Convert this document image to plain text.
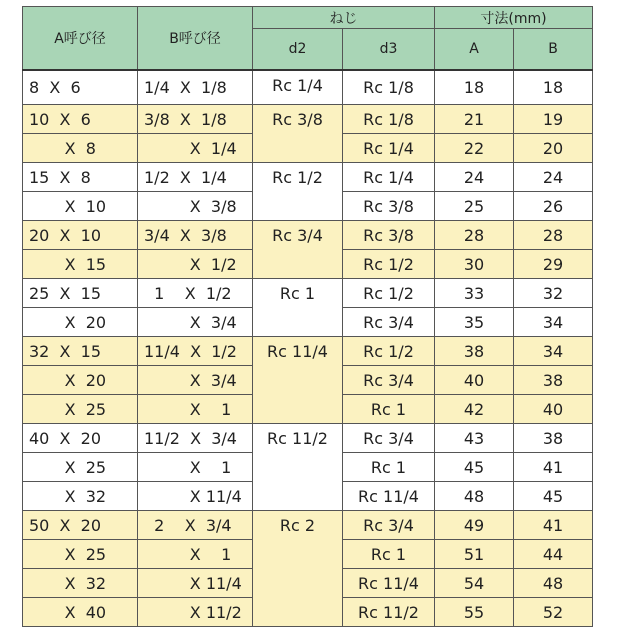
A呼び径	B呼び径	ねじ		寸法(mm)	
		d2	d3	A	B
8  X  6	1/4  X  1/8	Rc 1/4	Rc 1/8	18	18
10  X  6	3/8  X  1/8	Rc 3/8	Rc 1/8	21	19
X  8	X  1/4		Rc 1/4	22	20
15  X  8	1/2  X  1/4	Rc 1/2	Rc 1/4	24	24
X  10	X  3/8		Rc 3/8	25	26
20  X  10	3/4  X  3/8	Rc 3/4	Rc 3/8	28	28
X  15	X  1/2		Rc 1/2	30	29
25  X  15	1    X  1/2	Rc 1	Rc 1/2	33	32
X  20	X  3/4		Rc 3/4	35	34
32  X  15	11/4  X  1/2	Rc 11/4	Rc 1/2	38	34
X  20	X  3/4		Rc 3/4	40	38
X  25	X    1		Rc 1	42	40
40  X  20	11/2  X  3/4	Rc 11/2	Rc 3/4	43	38
X  25	X    1		Rc 1	45	41
X  32	X 11/4		Rc 11/4	48	45
50  X  20	2    X  3/4	Rc 2	Rc 3/4	49	41
X  25	X    1		Rc 1	51	44
X  32	X 11/4		Rc 11/4	54	48
X  40	X 11/2		Rc 11/2	55	52
